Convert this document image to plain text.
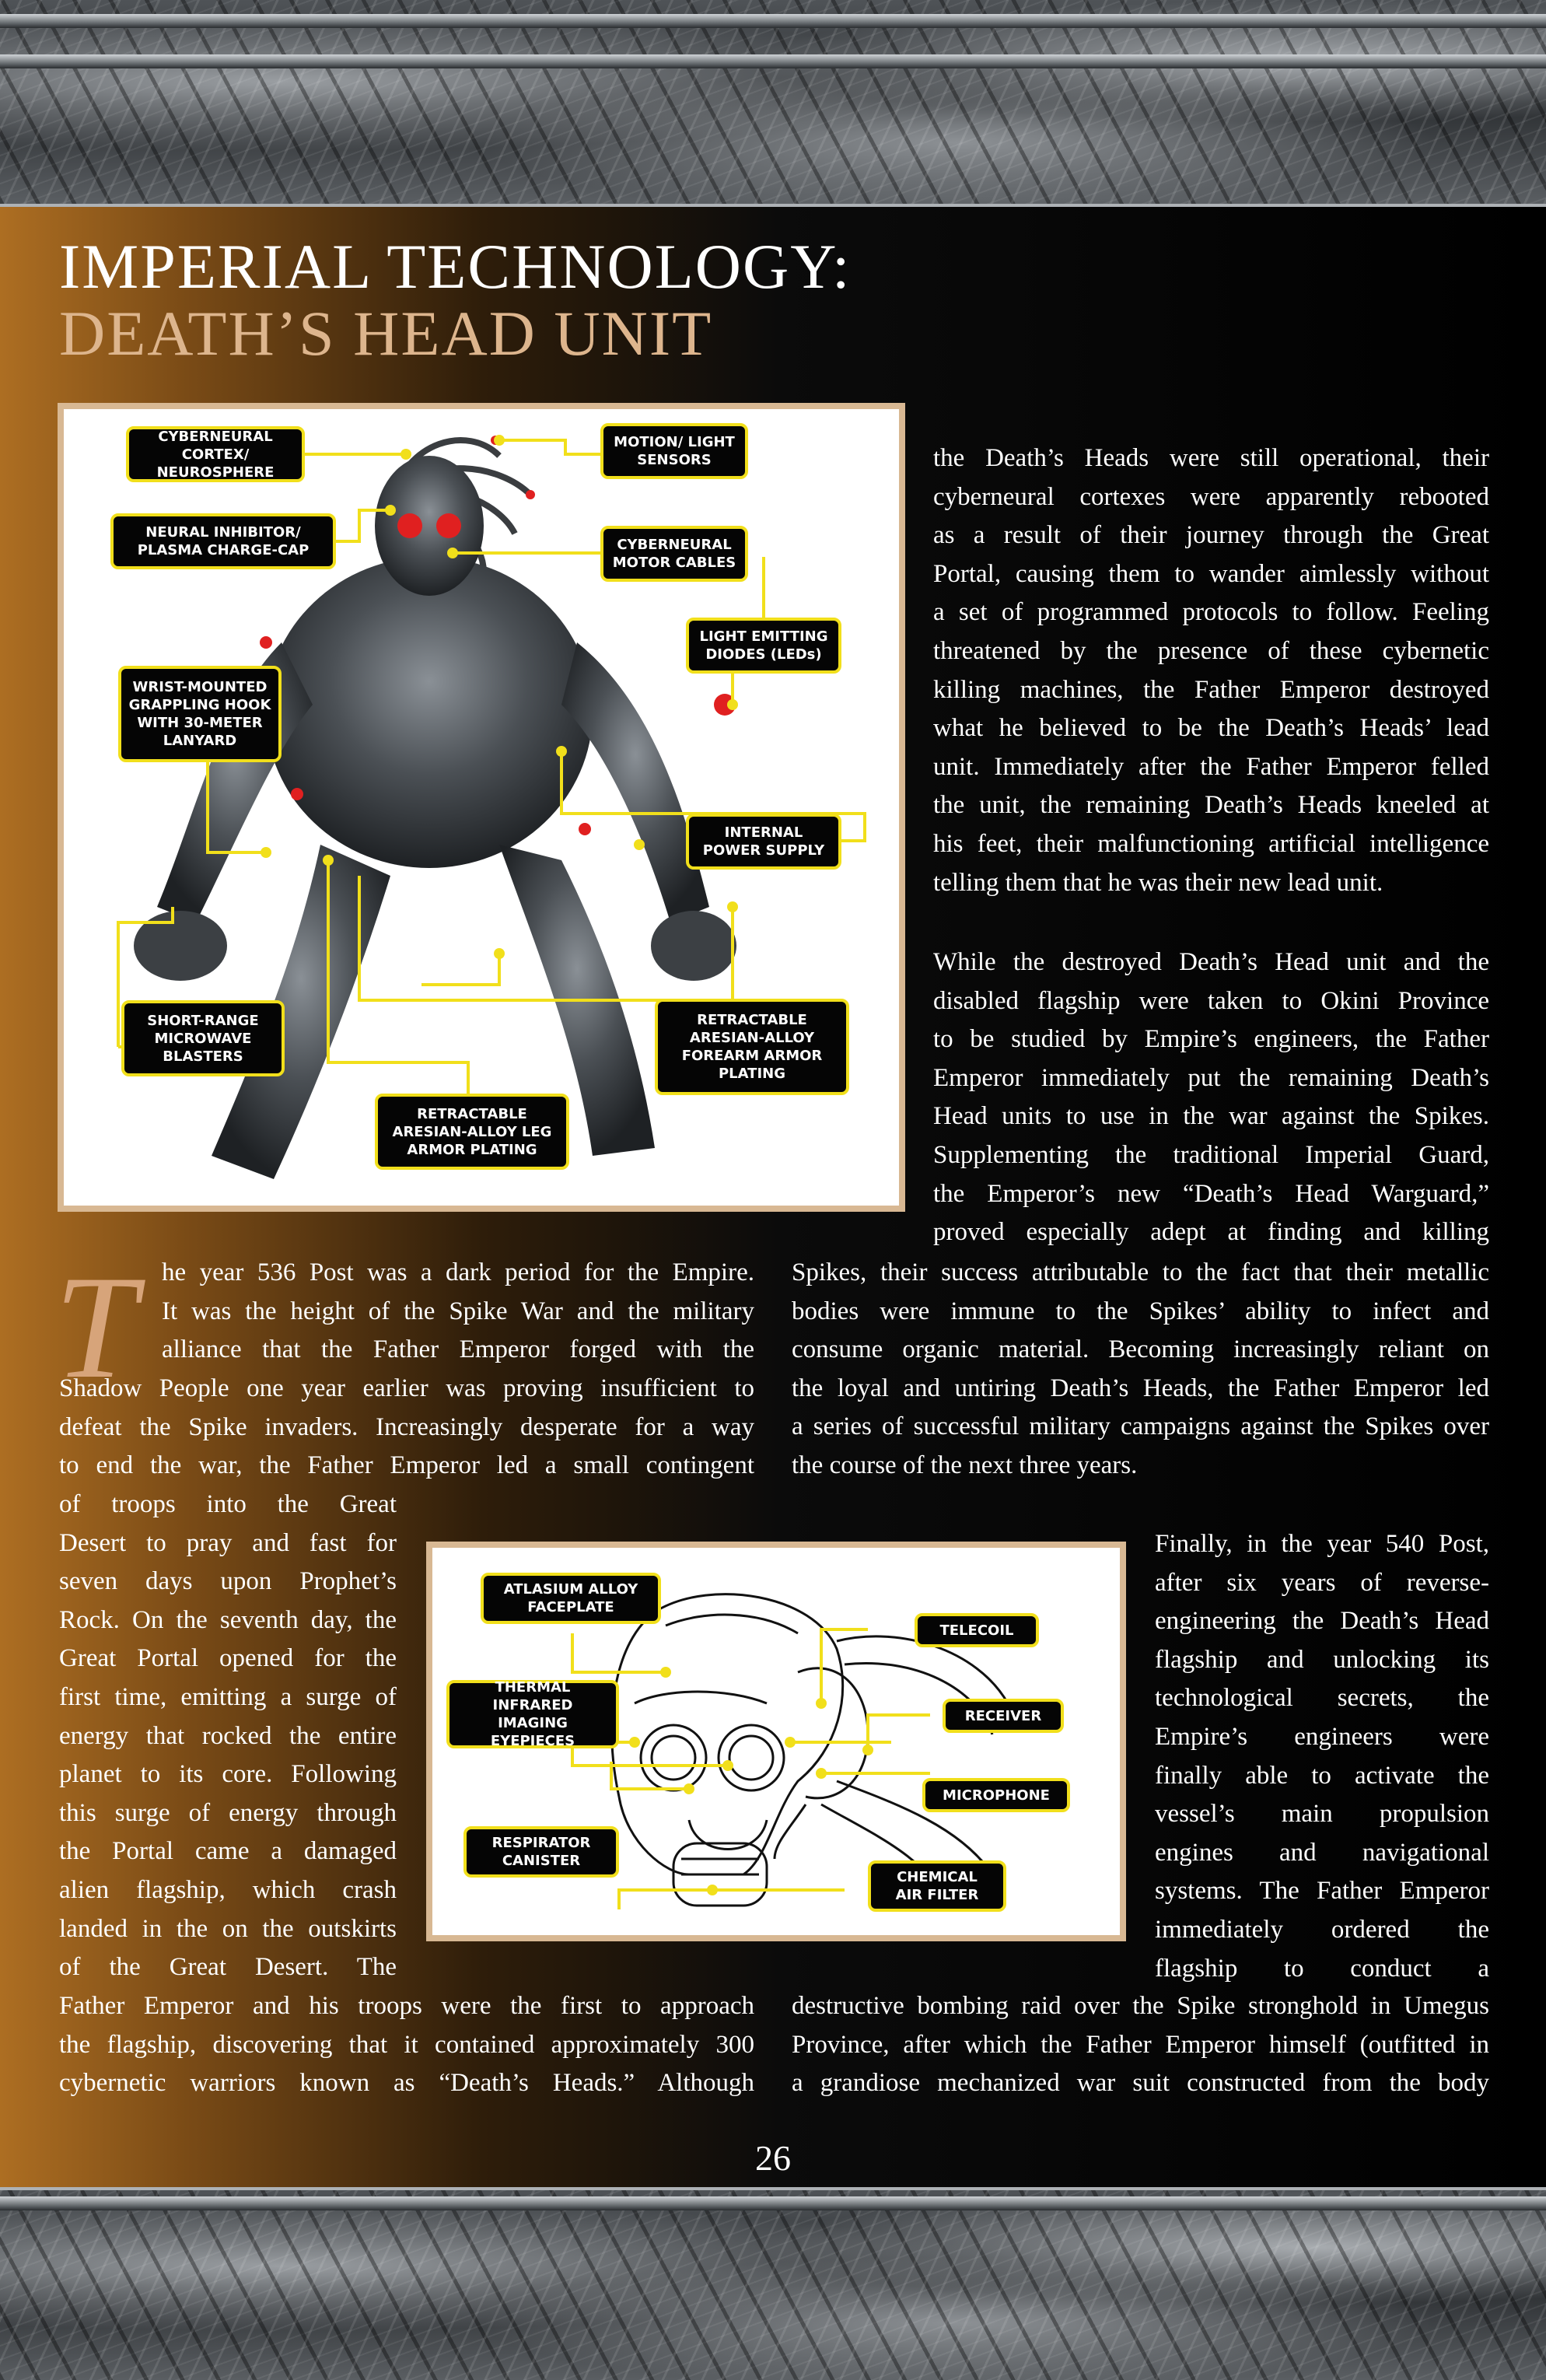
IMPERIAL TECHNOLOGY:
DEATH’S HEAD UNIT
CYBERNEURAL CORTEX/
NEUROSPHERE
MOTION/ LIGHT
SENSORS
NEURAL INHIBITOR/
PLASMA CHARGE-CAP	CYBERNEURAL
MOTOR CABLES
LIGHT EMITTING
DIODES (LEDs)
WRIST-MOUNTED
GRAPPLING HOOK
WITH 30-METER
LANYARD
INTERNAL
POWER SUPPLY
SHORT-RANGE
MICROWAVE
BLASTERS
RETRACTABLE
ARESIAN-ALLOY
FOREARM ARMOR
PLATING
RETRACTABLE
ARESIAN-ALLOY LEG
ARMOR PLATING

the Death’s Heads were still operational, their

cyberneural cortexes were apparently rebooted

as a result of their journey through the Great

Portal, causing them to wander aimlessly without

a set of programmed protocols to follow. Feeling

threatened by the presence of these cybernetic

killing machines, the Father Emperor destroyed

what he believed to be the Death’s Heads’ lead

unit. Immediately after the Father Emperor felled

the unit, the remaining Death’s Heads kneeled at

his feet, their malfunctioning artificial intelligence

telling them that he was their new lead unit.

While the destroyed Death’s Head unit and the

disabled flagship were taken to Okini Province

to be studied by Empire’s engineers, the Father

Emperor immediately put the remaining Death’s

Head units to use in the war against the Spikes.

Supplementing the traditional Imperial Guard,

the Emperor’s new “Death’s Head Warguard,”

proved especially adept at finding and killing

T he year 536 Post was a dark period for the Empire.

It was the height of the Spike War and the military

alliance that the Father Emperor forged with the

Shadow People one year earlier was proving insufficient to

defeat the Spike invaders. Increasingly desperate for a way

to end the war, the Father Emperor led a small contingent

of troops into the Great

Desert to pray and fast for

seven days upon Prophet’s

Rock. On the seventh day, the

Great Portal opened for the

first time, emitting a surge of

energy that rocked the entire

planet to its core. Following

this surge of energy through

the Portal came a damaged

alien flagship, which crash

landed in the on the outskirts

of the Great Desert. The

Father Emperor and his troops were the first to approach

the flagship, discovering that it contained approximately 300

cybernetic warriors known as “Death’s Heads.” Although

Spikes, their success attributable to the fact that their metallic

bodies were immune to the Spikes’ ability to infect and

consume organic material. Becoming increasingly reliant on

the loyal and untiring Death’s Heads, the Father Emperor led

a series of successful military campaigns against the Spikes over

the course of the next three years.

ATLASIUM ALLOY
FACEPLATE
TELECOIL
RECEIVER
THERMAL
INFRARED IMAGING
EYEPIECES
MICROPHONE
RESPIRATOR
CANISTER
CHEMICAL
AIR FILTER

Finally, in the year 540 Post,

after six years of reverse-

engineering the Death’s Head

flagship and unlocking its

technological secrets, the

Empire’s engineers were

finally able to activate the

vessel’s main propulsion

engines and navigational

systems. The Father Emperor

immediately ordered the

flagship to conduct a

destructive bombing raid over the Spike stronghold in Umegus

Province, after which the Father Emperor himself (outfitted in

a grandiose mechanized war suit constructed from the body

26
